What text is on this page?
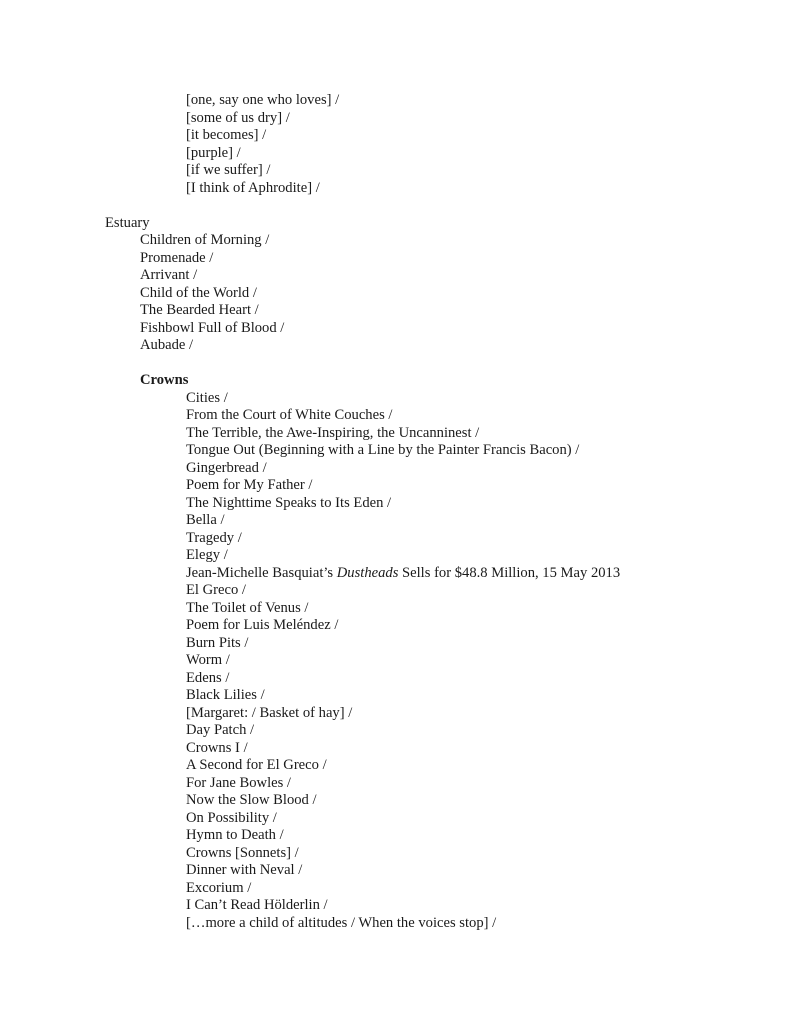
[one, say one who loves] /
[some of us dry] /
[it becomes] /
[purple] /
[if we suffer] /
[I think of Aphrodite] /
Estuary
Children of Morning /
Promenade /
Arrivant /
Child of the World /
The Bearded Heart /
Fishbowl Full of Blood /
Aubade /
Crowns
Cities /
From the Court of White Couches /
The Terrible, the Awe-Inspiring, the Uncanninest /
Tongue Out (Beginning with a Line by the Painter Francis Bacon) /
Gingerbread /
Poem for My Father /
The Nighttime Speaks to Its Eden /
Bella /
Tragedy /
Elegy /
Jean-Michelle Basquiat’s Dustheads Sells for $48.8 Million, 15 May 2013
El Greco /
The Toilet of Venus /
Poem for Luis Meléndez /
Burn Pits /
Worm /
Edens /
Black Lilies /
[Margaret: / Basket of hay] /
Day Patch /
Crowns I /
A Second for El Greco /
For Jane Bowles /
Now the Slow Blood /
On Possibility /
Hymn to Death /
Crowns [Sonnets] /
Dinner with Neval /
Excorium /
I Can’t Read Hölderlin /
[…more a child of altitudes / When the voices stop] /
